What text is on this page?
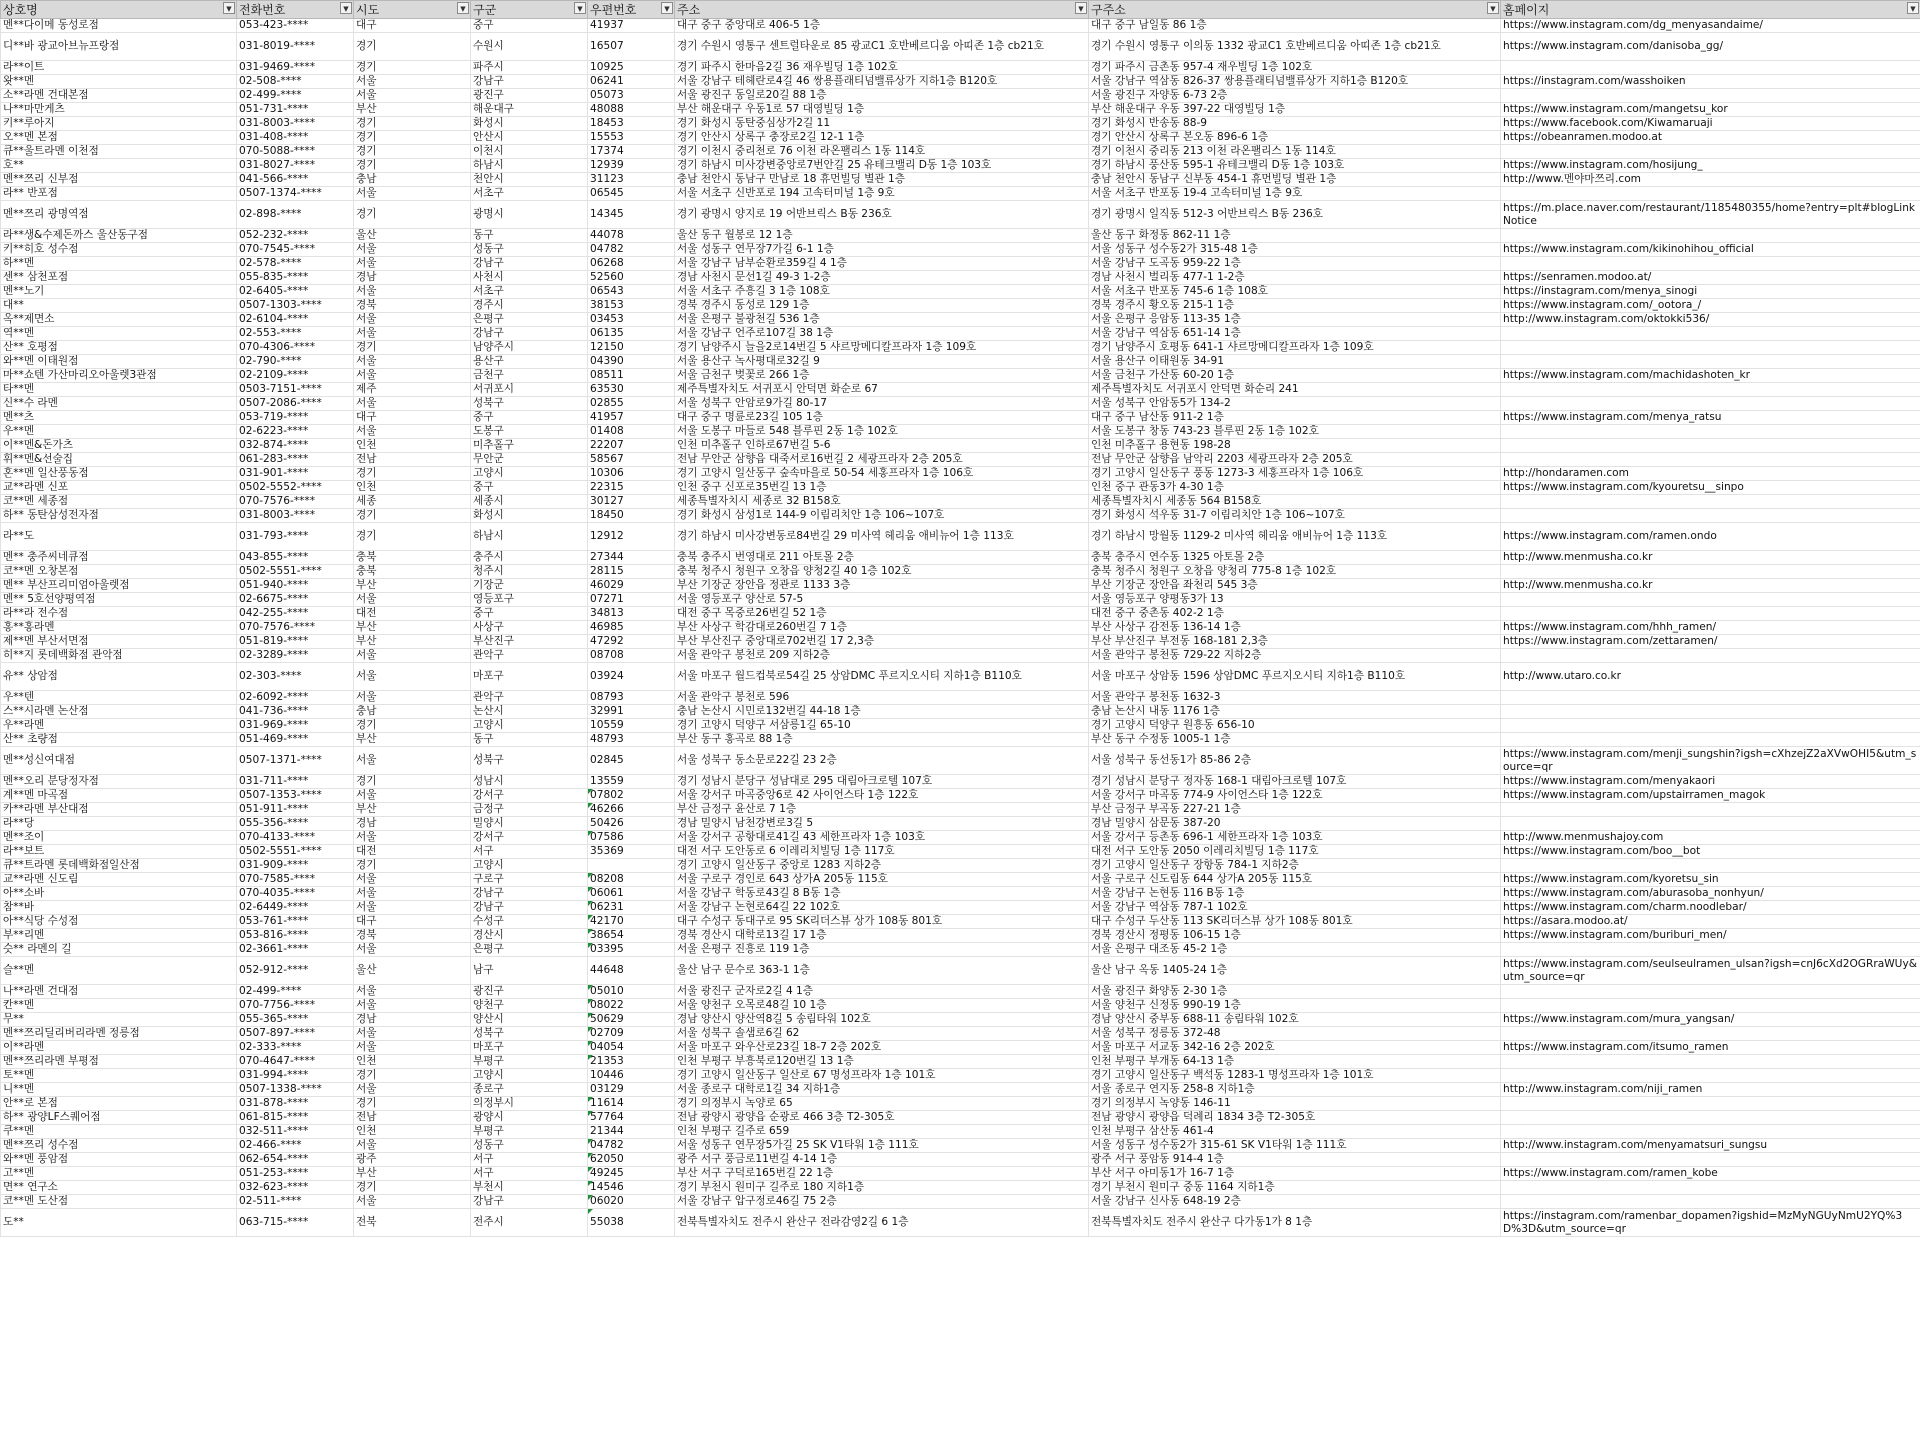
상호명 ▼	전화번호 ▼	시도 ▼	구군 ▼	우편번호 ▼	주소 ▼	구주소 ▼	홈페이지 ▼

멘**다이메 동성로점	053-423-****	대구	중구	41937	대구 중구 중앙대로 406-5 1층	대구 중구 남일동 86 1층	https://www.instagram.com/dg_menyasandaime/
디**바 광교아브뉴프랑점	031-8019-****	경기	수원시	16507	경기 수원시 영통구 센트럴타운로 85 광교C1 호반베르디움 아띠존 1층 cb21호	경기 수원시 영통구 이의동 1332 광교C1 호반베르디움 아띠존 1층 cb21호	https://www.instagram.com/danisoba_gg/
라**이트	031-9469-****	경기	파주시	10925	경기 파주시 한마음2길 36 재우빌딩 1층 102호	경기 파주시 금촌동 957-4 재우빌딩 1층 102호	
왓**멘	02-508-****	서울	강남구	06241	서울 강남구 테헤란로4길 46 쌍용플래티넘밸류상가 지하1층 B120호	서울 강남구 역삼동 826-37 쌍용플래티넘밸류상가 지하1층 B120호	https://instagram.com/wasshoiken
소**라멘 건대본점	02-499-****	서울	광진구	05073	서울 광진구 동일로20길 88 1층	서울 광진구 자양동 6-73 2층	
나**마만게츠	051-731-****	부산	해운대구	48088	부산 해운대구 우동1로 57 대영빌딩 1층	부산 해운대구 우동 397-22 대영빌딩 1층	https://www.instagram.com/mangetsu_kor
키**루아지	031-8003-****	경기	화성시	18453	경기 화성시 동탄중심상가2길 11	경기 화성시 반송동 88-9	https://www.facebook.com/Kiwamaruaji
오**멘 본점	031-408-****	경기	안산시	15553	경기 안산시 상록구 충장로2길 12-1 1층	경기 안산시 상록구 본오동 896-6 1층	https://obeanramen.modoo.at
큐**울트라멘 이천점	070-5088-****	경기	이천시	17374	경기 이천시 중리천로 76 이천 라온팰리스 1동 114호	경기 이천시 중리동 213 이천 라온팰리스 1동 114호	
호**	031-8027-****	경기	하남시	12939	경기 하남시 미사강변중앙로7번안길 25 유테크밸리 D동 1층 103호	경기 하남시 풍산동 595-1 유테크밸리 D동 1층 103호	https://www.instagram.com/hosijung_
멘**쯔리 신부점	041-566-****	충남	천안시	31123	충남 천안시 동남구 만남로 18 휴먼빌딩 별관 1층	충남 천안시 동남구 신부동 454-1 휴먼빌딩 별관 1층	http://www.멘야마쯔리.com
라** 반포점	0507-1374-****	서울	서초구	06545	서울 서초구 신반포로 194 고속터미널 1층 9호	서울 서초구 반포동 19-4 고속터미널 1층 9호	
멘**쯔리 광명역점	02-898-****	경기	광명시	14345	경기 광명시 양지로 19 어반브릭스 B동 236호	경기 광명시 일직동 512-3 어반브릭스 B동 236호	https://m.place.naver.com/restaurant/1185480355/home?entry=plt#blogLinkNotice
라**생&수제돈까스 울산동구점	052-232-****	울산	동구	44078	울산 동구 월봉로 12 1층	울산 동구 화정동 862-11 1층	
키**히호 성수점	070-7545-****	서울	성동구	04782	서울 성동구 연무장7가길 6-1 1층	서울 성동구 성수동2가 315-48 1층	https://www.instagram.com/kikinohihou_official
하**멘	02-578-****	서울	강남구	06268	서울 강남구 남부순환로359길 4 1층	서울 강남구 도곡동 959-22 1층	
센** 삼천포점	055-835-****	경남	사천시	52560	경남 사천시 문선1길 49-3 1-2층	경남 사천시 벌리동 477-1 1-2층	https://senramen.modoo.at/
멘**노기	02-6405-****	서울	서초구	06543	서울 서초구 주흥길 3 1층 108호	서울 서초구 반포동 745-6 1층 108호	https://instagram.com/menya_sinogi
대**	0507-1303-****	경북	경주시	38153	경북 경주시 동성로 129 1층	경북 경주시 황오동 215-1 1층	https://www.instagram.com/_ootora_/
옥**제면소	02-6104-****	서울	은평구	03453	서울 은평구 불광천길 536 1층	서울 은평구 응암동 113-35 1층	http://www.instagram.com/oktokki536/
역**멘	02-553-****	서울	강남구	06135	서울 강남구 언주로107길 38 1층	서울 강남구 역삼동 651-14 1층	
산** 호평점	070-4306-****	경기	남양주시	12150	경기 남양주시 늘을2로14번길 5 샤르망메디칼프라자 1층 109호	경기 남양주시 호평동 641-1 샤르망메디칼프라자 1층 109호	
와**멘 이태원점	02-790-****	서울	용산구	04390	서울 용산구 녹사평대로32길 9	서울 용산구 이태원동 34-91	
마**쇼텐 가산마리오아울렛3관점	02-2109-****	서울	금천구	08511	서울 금천구 벚꽃로 266 1층	서울 금천구 가산동 60-20 1층	https://www.instagram.com/machidashoten_kr
타**멘	0503-7151-****	제주	서귀포시	63530	제주특별자치도 서귀포시 안덕면 화순로 67	제주특별자치도 서귀포시 안덕면 화순리 241	
신**수 라멘	0507-2086-****	서울	성북구	02855	서울 성북구 안암로9가길 80-17	서울 성북구 안암동5가 134-2	
멘**츠	053-719-****	대구	중구	41957	대구 중구 명륜로23길 105 1층	대구 중구 남산동 911-2 1층	https://www.instagram.com/menya_ratsu
우**멘	02-6223-****	서울	도봉구	01408	서울 도봉구 마들로 548 블루핀 2동 1층 102호	서울 도봉구 창동 743-23 블루핀 2동 1층 102호	
이**멘&돈가츠	032-874-****	인천	미추홀구	22207	인천 미추홀구 인하로67번길 5-6	인천 미추홀구 용현동 198-28	
휘**멘&선술집	061-283-****	전남	무안군	58567	전남 무안군 삼향읍 대죽서로16번길 2 세광프라자 2층 205호	전남 무안군 삼향읍 남악리 2203 세광프라자 2층 205호	
혼**멘 일산풍동점	031-901-****	경기	고양시	10306	경기 고양시 일산동구 숲속마을로 50-54 세홍프라자 1층 106호	경기 고양시 일산동구 풍동 1273-3 세홍프라자 1층 106호	http://hondaramen.com
교**라멘 신포	0502-5552-****	인천	중구	22315	인천 중구 신포로35번길 13 1층	인천 중구 관동3가 4-30 1층	https://www.instagram.com/kyouretsu__sinpo
코**멘 세종점	070-7576-****	세종	세종시	30127	세종특별자치시 세종로 32 B158호	세종특별자치시 세종동 564 B158호	
하** 동탄삼성전자점	031-8003-****	경기	화성시	18450	경기 화성시 삼성1로 144-9 이림리치안 1층 106~107호	경기 화성시 석우동 31-7 이림리치안 1층 106~107호	
라**도	031-793-****	경기	하남시	12912	경기 하남시 미사강변동로84번길 29 미사역 헤리움 애비뉴어 1층 113호	경기 하남시 망월동 1129-2 미사역 헤리움 애비뉴어 1층 113호	https://www.instagram.com/ramen.ondo
멘** 충주씨네큐점	043-855-****	충북	충주시	27344	충북 충주시 번영대로 211 아토몰 2층	충북 충주시 연수동 1325 아토몰 2층	http://www.menmusha.co.kr
코**멘 오창본점	0502-5551-****	충북	청주시	28115	충북 청주시 청원구 오창읍 양청2길 40 1층 102호	충북 청주시 청원구 오창읍 양청리 775-8 1층 102호	
멘** 부산프리미엄아울렛점	051-940-****	부산	기장군	46029	부산 기장군 장안읍 정관로 1133 3층	부산 기장군 장안읍 좌천리 545 3층	http://www.menmusha.co.kr
멘** 5호선양평역점	02-6675-****	서울	영등포구	07271	서울 영등포구 양산로 57-5	서울 영등포구 양평동3가 13	
라**라 전수점	042-255-****	대전	중구	34813	대전 중구 목중로26번길 52 1층	대전 중구 중촌동 402-2 1층	
홍**홍라멘	070-7576-****	부산	사상구	46985	부산 사상구 학감대로260번길 7 1층	부산 사상구 감전동 136-14 1층	https://www.instagram.com/hhh_ramen/
제**멘 부산서면점	051-819-****	부산	부산진구	47292	부산 부산진구 중앙대로702번길 17 2,3층	부산 부산진구 부전동 168-181 2,3층	https://www.instagram.com/zettaramen/
히**지 롯데백화점 관악점	02-3289-****	서울	관악구	08708	서울 관악구 봉천로 209 지하2층	서울 관악구 봉천동 729-22 지하2층	
유** 상암점	02-303-****	서울	마포구	03924	서울 마포구 월드컵북로54길 25 상암DMC 푸르지오시티 지하1층 B110호	서울 마포구 상암동 1596 상암DMC 푸르지오시티 지하1층 B110호	http://www.utaro.co.kr
우**텐	02-6092-****	서울	관악구	08793	서울 관악구 봉천로 596	서울 관악구 봉천동 1632-3	
스**시라멘 논산점	041-736-****	충남	논산시	32991	충남 논산시 시민로132번길 44-18 1층	충남 논산시 내동 1176 1층	
우**라멘	031-969-****	경기	고양시	10559	경기 고양시 덕양구 서삼릉1길 65-10	경기 고양시 덕양구 원흥동 656-10	
산** 초량점	051-469-****	부산	동구	48793	부산 동구 홍곡로 88 1층	부산 동구 수정동 1005-1 1층	
멘**성신여대점	0507-1371-****	서울	성북구	02845	서울 성북구 동소문로22길 23 2층	서울 성북구 동선동1가 85-86 2층	https://www.instagram.com/menji_sungshin?igsh=cXhzejZ2aXVwOHI5&utm_source=qr
멘**오리 분당정자점	031-711-****	경기	성남시	13559	경기 성남시 분당구 성남대로 295 대림아크로텔 107호	경기 성남시 분당구 정자동 168-1 대림아크로텔 107호	https://www.instagram.com/menyakaori
계**멘 마곡점	0507-1353-****	서울	강서구	07802	서울 강서구 마곡중앙6로 42 사이언스타 1층 122호	서울 강서구 마곡동 774-9 사이언스타 1층 122호	https://www.instagram.com/upstairramen_magok
카**라멘 부산대점	051-911-****	부산	금정구	46266	부산 금정구 윤산로 7 1층	부산 금정구 부곡동 227-21 1층	
라**당	055-356-****	경남	밀양시	50426	경남 밀양시 남천강변로3길 5	경남 밀양시 삼문동 387-20	
멘**조이	070-4133-****	서울	강서구	07586	서울 강서구 공항대로41길 43 세한프라자 1층 103호	서울 강서구 등촌동 696-1 세한프라자 1층 103호	http://www.menmushajoy.com
라**보트	0502-5551-****	대전	서구	35369	대전 서구 도안동로 6 이레리치빌딩 1층 117호	대전 서구 도안동 2050 이레리치빌딩 1층 117호	https://www.instagram.com/boo__bot
큐**트라멘 롯데백화점일산점	031-909-****	경기	고양시		경기 고양시 일산동구 중앙로 1283 지하2층	경기 고양시 일산동구 장항동 784-1 지하2층	
교**라멘 신도림	070-7585-****	서울	구로구	08208	서울 구로구 경인로 643 상가A 205동 115호	서울 구로구 신도림동 644 상가A 205동 115호	https://www.instagram.com/kyoretsu_sin
아**소바	070-4035-****	서울	강남구	06061	서울 강남구 학동로43길 8 B동 1층	서울 강남구 논현동 116 B동 1층	https://www.instagram.com/aburasoba_nonhyun/
참**바	02-6449-****	서울	강남구	06231	서울 강남구 논현로64길 22 102호	서울 강남구 역삼동 787-1 102호	https://www.instagram.com/charm.noodlebar/
아**식당 수성점	053-761-****	대구	수성구	42170	대구 수성구 동대구로 95 SK리더스뷰 상가 108동 801호	대구 수성구 두산동 113 SK리더스뷰 상가 108동 801호	https://asara.modoo.at/
부**리멘	053-816-****	경북	경산시	38654	경북 경산시 대학로13길 17 1층	경북 경산시 정평동 106-15 1층	https://www.instagram.com/buriburi_men/
슷** 라멘의 길	02-3661-****	서울	은평구	03395	서울 은평구 진흥로 119 1층	서울 은평구 대조동 45-2 1층	
슬**멘	052-912-****	울산	남구	44648	울산 남구 문수로 363-1 1층	울산 남구 옥동 1405-24 1층	https://www.instagram.com/seulseulramen_ulsan?igsh=cnJ6cXd2OGRraWUy&utm_source=qr
나**라멘 건대점	02-499-****	서울	광진구	05010	서울 광진구 군자로2길 4 1층	서울 광진구 화양동 2-30 1층	
칸**멘	070-7756-****	서울	양천구	08022	서울 양천구 오목로48길 10 1층	서울 양천구 신정동 990-19 1층	
무**	055-365-****	경남	양산시	50629	경남 양산시 양산역8길 5 송림타워 102호	경남 양산시 중부동 688-11 송림타워 102호	https://www.instagram.com/mura_yangsan/
멘**쯔리딜리버리라멘 정릉점	0507-897-****	서울	성북구	02709	서울 성북구 솔샘로6길 62	서울 성북구 정릉동 372-48	
이**라멘	02-333-****	서울	마포구	04054	서울 마포구 와우산로23길 18-7 2층 202호	서울 마포구 서교동 342-16 2층 202호	https://www.instagram.com/itsumo_ramen
멘**쯔리라멘 부평점	070-4647-****	인천	부평구	21353	인천 부평구 부흥북로120번길 13 1층	인천 부평구 부개동 64-13 1층	
토**멘	031-994-****	경기	고양시	10446	경기 고양시 일산동구 일산로 67 명성프라자 1층 101호	경기 고양시 일산동구 백석동 1283-1 명성프라자 1층 101호	
니**멘	0507-1338-****	서울	종로구	03129	서울 종로구 대학로1길 34 지하1층	서울 종로구 연지동 258-8 지하1층	http://www.instagram.com/niji_ramen
안**로 본점	031-878-****	경기	의정부시	11614	경기 의정부시 녹양로 65	경기 의정부시 녹양동 146-11	
하** 광양LF스퀘어점	061-815-****	전남	광양시	57764	전남 광양시 광양읍 순광로 466 3층 T2-305호	전남 광양시 광양읍 덕례리 1834 3층 T2-305호	
쿠**멘	032-511-****	인천	부평구	21344	인천 부평구 길주로 659	인천 부평구 삼산동 461-4	
멘**쯔리 성수점	02-466-****	서울	성동구	04782	서울 성동구 연무장5가길 25 SK V1타워 1층 111호	서울 성동구 성수동2가 315-61 SK V1타워 1층 111호	http://www.instagram.com/menyamatsuri_sungsu
와**멘 풍암점	062-654-****	광주	서구	62050	광주 서구 풍금로11번길 4-14 1층	광주 서구 풍암동 914-4 1층	
고**멘	051-253-****	부산	서구	49245	부산 서구 구덕로165번길 22 1층	부산 서구 아미동1가 16-7 1층	https://www.instagram.com/ramen_kobe
면** 연구소	032-623-****	경기	부천시	14546	경기 부천시 원미구 길주로 180 지하1층	경기 부천시 원미구 중동 1164 지하1층	
코**멘 도산점	02-511-****	서울	강남구	06020	서울 강남구 압구정로46길 75 2층	서울 강남구 신사동 648-19 2층	
도**	063-715-****	전북	전주시	55038	전북특별자치도 전주시 완산구 전라감영2길 6 1층	전북특별자치도 전주시 완산구 다가동1가 8 1층	https://instagram.com/ramenbar_dopamen?igshid=MzMyNGUyNmU2YQ%3D%3D&utm_source=qr
